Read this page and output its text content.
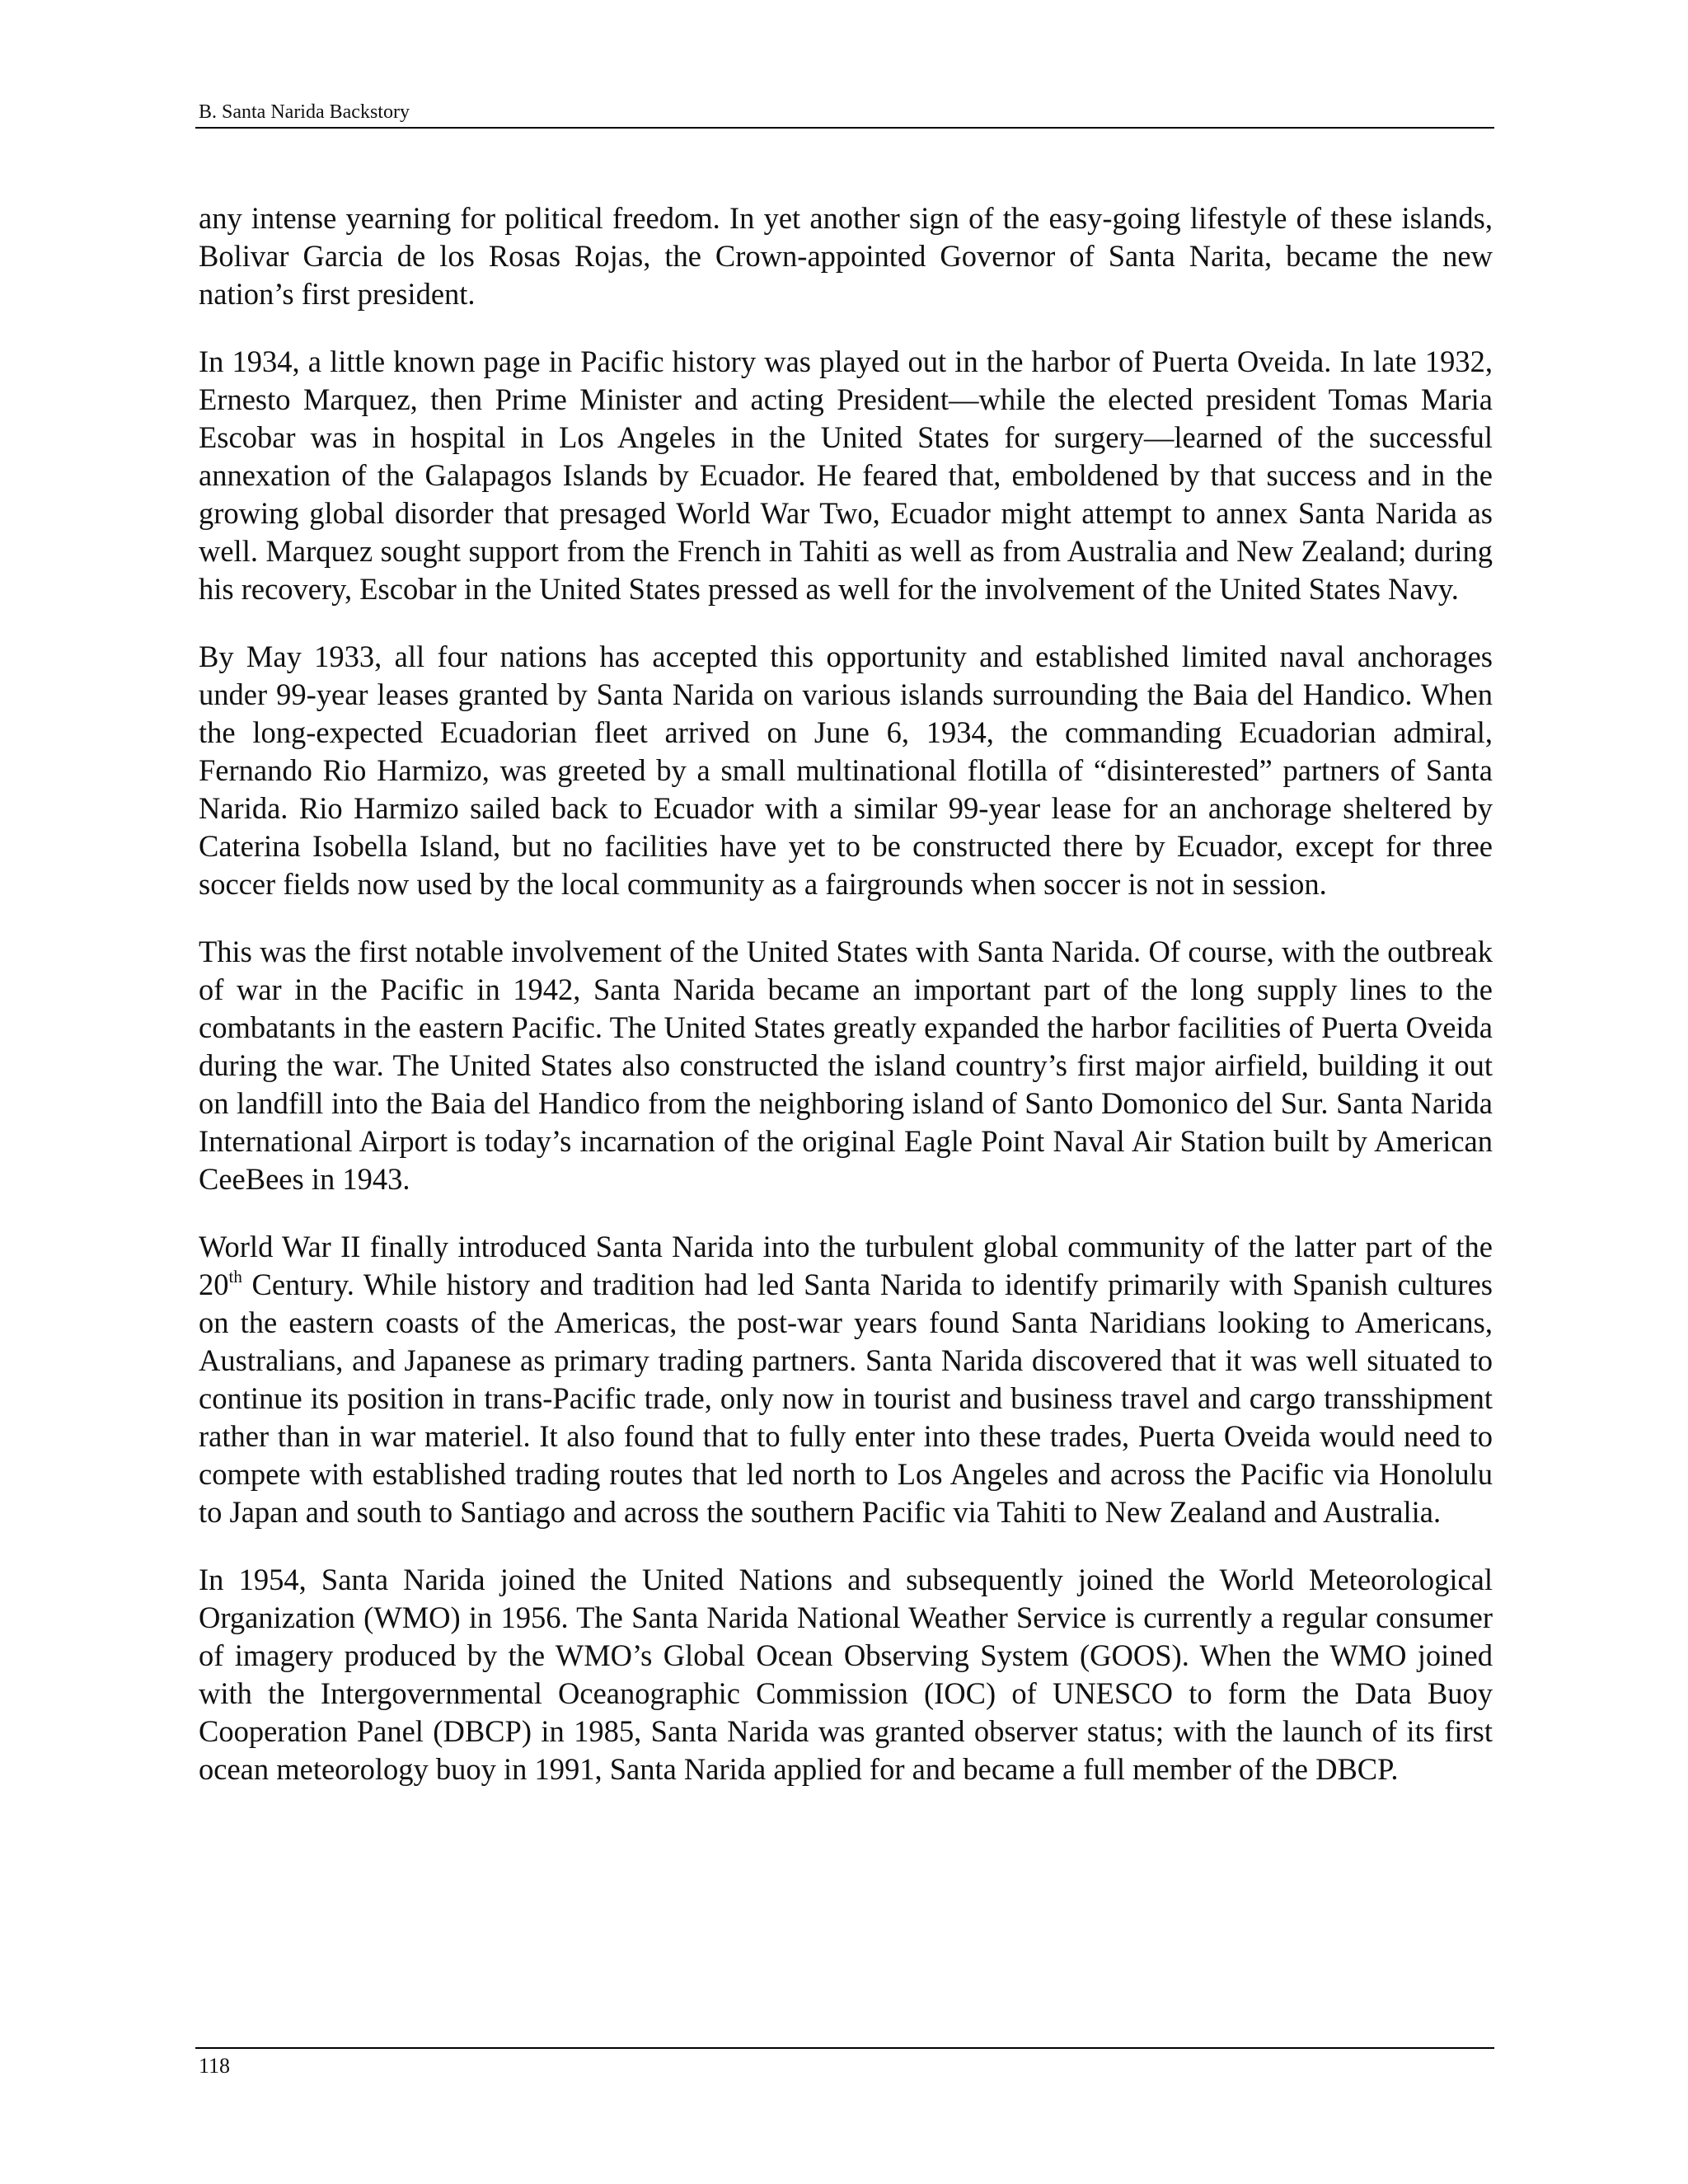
B. Santa Narida Backstory

any intense yearning for political freedom. In yet another sign of the easy-going lifestyle of these islands, Bolivar Garcia de los Rosas Rojas, the Crown-appointed Governor of Santa Narita, became the new nation’s first president.

In 1934, a little known page in Pacific history was played out in the harbor of Puerta Oveida. In late 1932, Ernesto Marquez, then Prime Minister and acting President—while the elected president Tomas Maria Escobar was in hospital in Los Angeles in the United States for surgery—learned of the successful annexation of the Galapagos Islands by Ecuador. He feared that, emboldened by that success and in the growing global disorder that presaged World War Two, Ecuador might attempt to annex Santa Narida as well. Marquez sought support from the French in Tahiti as well as from Australia and New Zealand; during his recovery, Escobar in the United States pressed as well for the involvement of the United States Navy.

By May 1933, all four nations has accepted this opportunity and established limited naval anchorages under 99-year leases granted by Santa Narida on various islands surrounding the Baia del Handico. When the long-expected Ecuadorian fleet arrived on June 6, 1934, the commanding Ecuadorian admiral, Fernando Rio Harmizo, was greeted by a small multinational flotilla of “disinterested” partners of Santa Narida. Rio Harmizo sailed back to Ecuador with a similar 99-year lease for an anchorage sheltered by Caterina Isobella Island, but no facilities have yet to be constructed there by Ecuador, except for three soccer fields now used by the local community as a fairgrounds when soccer is not in session.

This was the first notable involvement of the United States with Santa Narida. Of course, with the outbreak of war in the Pacific in 1942, Santa Narida became an important part of the long supply lines to the combatants in the eastern Pacific. The United States greatly expanded the harbor facilities of Puerta Oveida during the war. The United States also constructed the island country’s first major airfield, building it out on landfill into the Baia del Handico from the neighboring island of Santo Domonico del Sur. Santa Narida International Airport is today’s incarnation of the original Eagle Point Naval Air Station built by American CeeBees in 1943.

World War II finally introduced Santa Narida into the turbulent global community of the latter part of the 20th Century. While history and tradition had led Santa Narida to identify primarily with Spanish cultures on the eastern coasts of the Americas, the post-war years found Santa Naridians looking to Americans, Australians, and Japanese as primary trading partners. Santa Narida discovered that it was well situated to continue its position in trans-Pacific trade, only now in tourist and business travel and cargo transshipment rather than in war materiel. It also found that to fully enter into these trades, Puerta Oveida would need to compete with established trading routes that led north to Los Angeles and across the Pacific via Honolulu to Japan and south to Santiago and across the southern Pacific via Tahiti to New Zealand and Australia.

In 1954, Santa Narida joined the United Nations and subsequently joined the World Meteorological Organization (WMO) in 1956. The Santa Narida National Weather Service is currently a regular consumer of imagery produced by the WMO’s Global Ocean Observing System (GOOS). When the WMO joined with the Intergovernmental Oceanographic Commission (IOC) of UNESCO to form the Data Buoy Cooperation Panel (DBCP) in 1985, Santa Narida was granted observer status; with the launch of its first ocean meteorology buoy in 1991, Santa Narida applied for and became a full member of the DBCP.

118
